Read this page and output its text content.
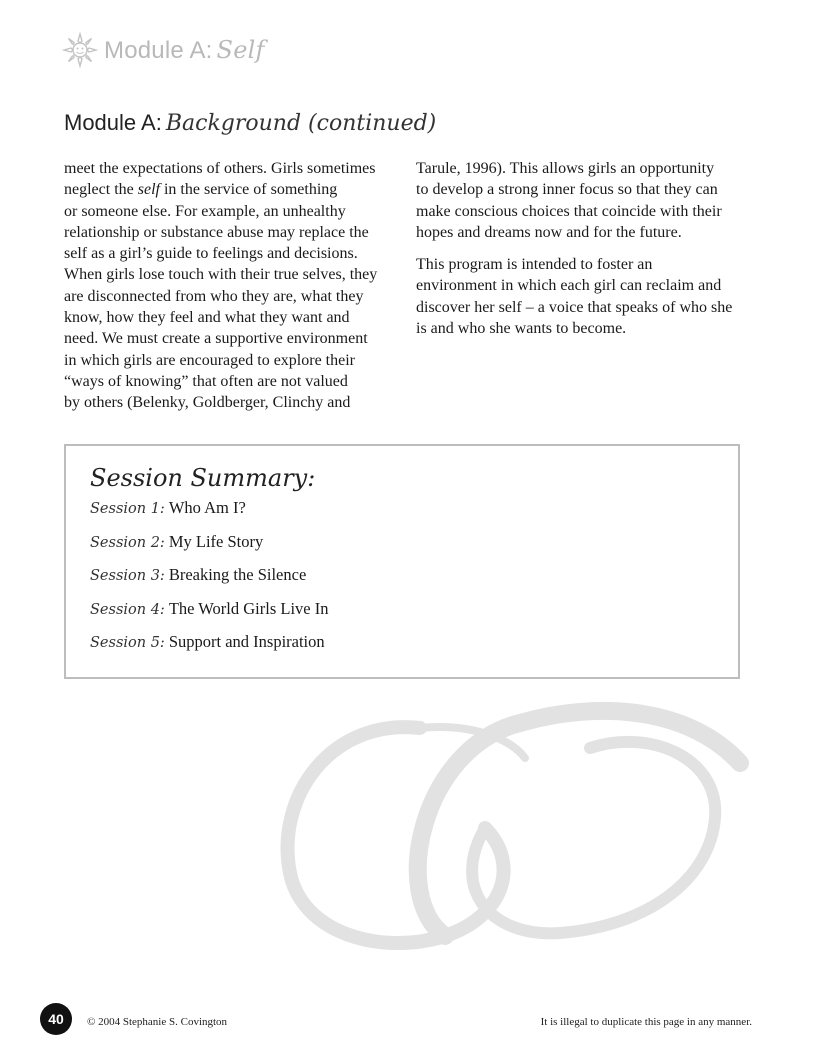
Module A: Self
Module A: Background (continued)

meet the expectations of others. Girls sometimes
neglect the self in the service of something
or someone else. For example, an unhealthy
relationship or substance abuse may replace the
self as a girl’s guide to feelings and decisions.
When girls lose touch with their true selves, they
are disconnected from who they are, what they
know, how they feel and what they want and
need. We must create a supportive environment
in which girls are encouraged to explore their
“ways of knowing” that often are not valued
by others (Belenky, Goldberger, Clinchy and

Tarule, 1996). This allows girls an opportunity
to develop a strong inner focus so that they can
make conscious choices that coincide with their
hopes and dreams now and for the future.

This program is intended to foster an
environment in which each girl can reclaim and
discover her self – a voice that speaks of who she
is and who she wants to become.

Session Summary:
Session 1: Who Am I?
Session 2: My Life Story
Session 3: Breaking the Silence
Session 4: The World Girls Live In
Session 5: Support and Inspiration
40	© 2004 Stephanie S. Covington	It is illegal to duplicate this page in any manner.
